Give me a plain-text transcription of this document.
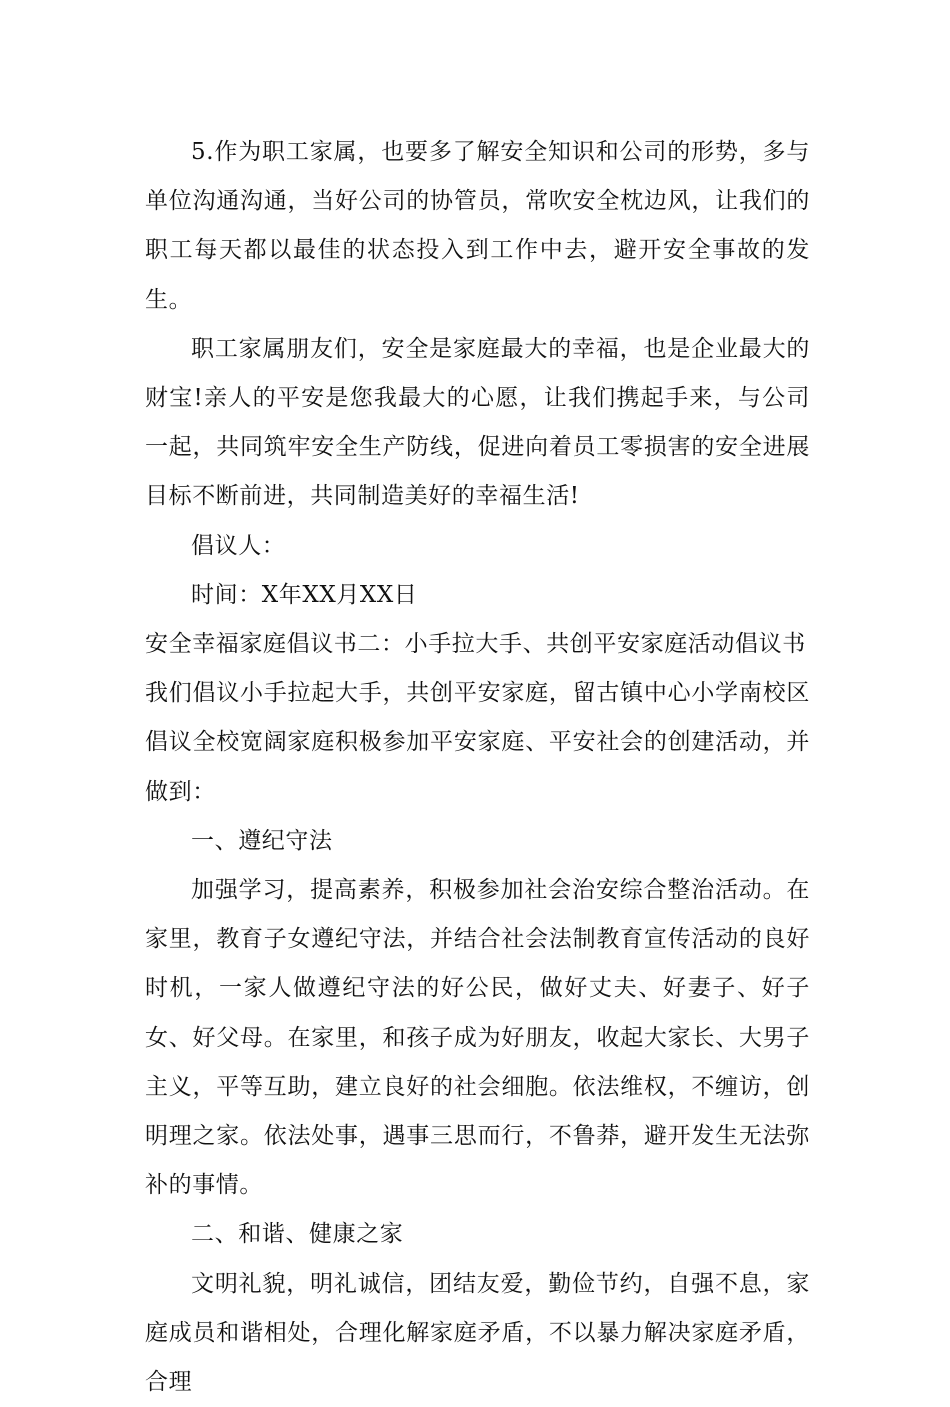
5.作为职工家属，也要多了解安全知识和公司的形势，多与单位沟通沟通，当好公司的协管员，常吹安全枕边风，让我们的职工每天都以最佳的状态投入到工作中去，避开安全事故的发生。

职工家属朋友们，安全是家庭最大的幸福，也是企业最大的财宝!亲人的平安是您我最大的心愿，让我们携起手来，与公司一起，共同筑牢安全生产防线，促进向着员工零损害的安全进展目标不断前进，共同制造美好的幸福生活!

倡议人：

时间：X年XX月XX日

安全幸福家庭倡议书二：小手拉大手、共创平安家庭活动倡议书

我们倡议小手拉起大手，共创平安家庭，留古镇中心小学南校区倡议全校宽阔家庭积极参加平安家庭、平安社会的创建活动，并做到：

一、遵纪守法

加强学习，提高素养，积极参加社会治安综合整治活动。在家里，教育子女遵纪守法，并结合社会法制教育宣传活动的良好时机，一家人做遵纪守法的好公民，做好丈夫、好妻子、好子女、好父母。在家里，和孩子成为好朋友，收起大家长、大男子主义，平等互助，建立良好的社会细胞。依法维权，不缠访，创明理之家。依法处事，遇事三思而行，不鲁莽，避开发生无法弥补的事情。

二、和谐、健康之家

文明礼貌，明礼诚信，团结友爱，勤俭节约，自强不息，家庭成员和谐相处，合理化解家庭矛盾，不以暴力解决家庭矛盾，合理
